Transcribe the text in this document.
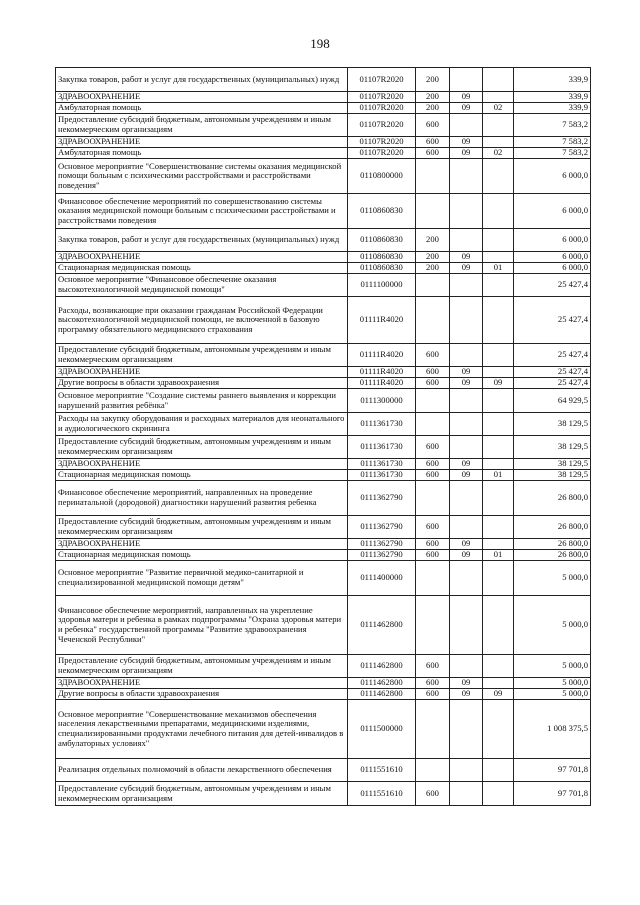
198
Закупка товаров, работ и услуг для государственных (муниципальных) нужд	01107R2020	200			339,9
ЗДРАВООХРАНЕНИЕ	01107R2020	200	09		339,9
Амбулаторная помощь	01107R2020	200	09	02	339,9
Предоставление субсидий бюджетным, автономным учреждениям и иным некоммерческим организациям	01107R2020	600			7 583,2
ЗДРАВООХРАНЕНИЕ	01107R2020	600	09		7 583,2
Амбулаторная помощь	01107R2020	600	09	02	7 583,2
Основное мероприятие "Совершенствование системы оказания медицинской помощи больным с психическими расстройствами и расстройствами поведения"	0110800000				6 000,0
Финансовое обеспечение мероприятий по совершенствованию системы оказания медицинской помощи больным с психическими расстройствами и расстройствами поведения	0110860830				6 000,0
Закупка товаров, работ и услуг для государственных (муниципальных) нужд	0110860830	200			6 000,0
ЗДРАВООХРАНЕНИЕ	0110860830	200	09		6 000,0
Стационарная медицинская помощь	0110860830	200	09	01	6 000,0
Основное мероприятие "Финансовое обеспечение оказания высокотехнологичной медицинской помощи"	0111100000				25 427,4
Расходы, возникающие при оказании гражданам Российской Федерации высокотехнологичной медицинской помощи, не включенной в базовую программу обязательного медицинского страхования	01111R4020				25 427,4
Предоставление субсидий бюджетным, автономным учреждениям и иным некоммерческим организациям	01111R4020	600			25 427,4
ЗДРАВООХРАНЕНИЕ	01111R4020	600	09		25 427,4
Другие вопросы в области здравоохранения	01111R4020	600	09	09	25 427,4
Основное мероприятие "Создание системы раннего выявления и коррекции нарушений развития ребёнка"	0111300000				64 929,5
Расходы на закупку оборудования и расходных материалов для неонатального и аудиологического скрининга	0111361730				38 129,5
Предоставление субсидий бюджетным, автономным учреждениям и иным некоммерческим организациям	0111361730	600			38 129,5
ЗДРАВООХРАНЕНИЕ	0111361730	600	09		38 129,5
Стационарная медицинская помощь	0111361730	600	09	01	38 129,5
Финансовое обеспечение мероприятий, направленных на проведение перинатальной (дородовой) диагностики нарушений развития ребенка	0111362790				26 800,0
Предоставление субсидий бюджетным, автономным учреждениям и иным некоммерческим организациям	0111362790	600			26 800,0
ЗДРАВООХРАНЕНИЕ	0111362790	600	09		26 800,0
Стационарная медицинская помощь	0111362790	600	09	01	26 800,0
Основное мероприятие "Развитие первичной медико-санитарной и специализированной медицинской помощи детям"	0111400000				5 000,0
Финансовое обеспечение мероприятий, направленных на укрепление здоровья матери и ребенка в рамках подпрограммы "Охрана здоровья матери и ребенка" государственной программы "Развитие здравоохранения Чеченской Республики"	0111462800				5 000,0
Предоставление субсидий бюджетным, автономным учреждениям и иным некоммерческим организациям	0111462800	600			5 000,0
ЗДРАВООХРАНЕНИЕ	0111462800	600	09		5 000,0
Другие вопросы в области здравоохранения	0111462800	600	09	09	5 000,0
Основное мероприятие "Совершенствование механизмов обеспечения населения лекарственными препаратами, медицинскими изделиями, специализированными продуктами лечебного питания для детей-инвалидов в амбулаторных условиях"	0111500000				1 008 375,5
Реализация отдельных полномочий в области лекарственного обеспечения	0111551610				97 701,8
Предоставление субсидий бюджетным, автономным учреждениям и иным некоммерческим организациям	0111551610	600			97 701,8
